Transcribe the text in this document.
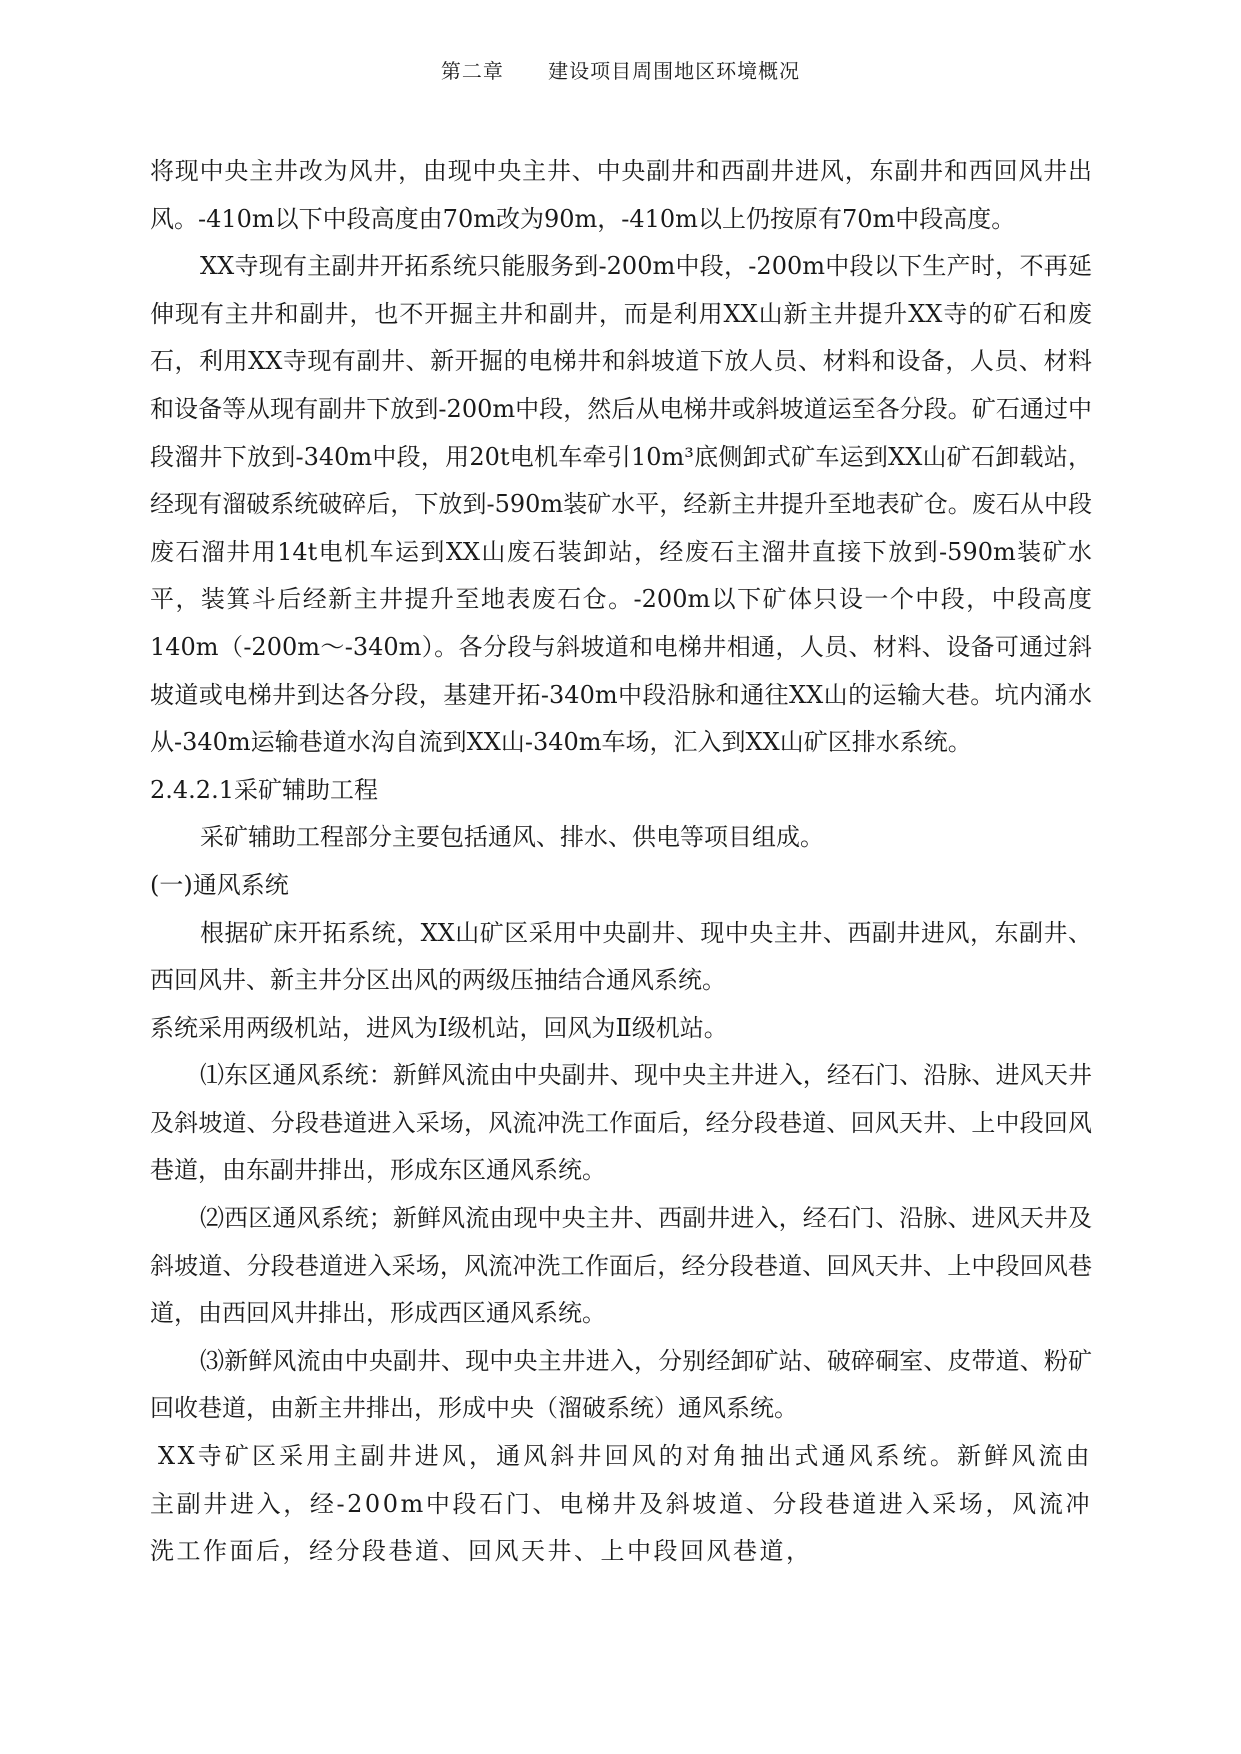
第二章 建设项目周围地区环境概况

将现中央主井改为风井，由现中央主井、中央副井和西副井进风，东副井和西回风井出风。-410m以下中段高度由70m改为90m，-410m以上仍按原有70m中段高度。

XX寺现有主副井开拓系统只能服务到-200m中段，-200m中段以下生产时，不再延伸现有主井和副井，也不开掘主井和副井，而是利用XX山新主井提升XX寺的矿石和废石，利用XX寺现有副井、新开掘的电梯井和斜坡道下放人员、材料和设备，人员、材料和设备等从现有副井下放到-200m中段，然后从电梯井或斜坡道运至各分段。矿石通过中段溜井下放到-340m中段，用20t电机车牵引10m³底侧卸式矿车运到XX山矿石卸载站，经现有溜破系统破碎后，下放到-590m装矿水平，经新主井提升至地表矿仓。废石从中段废石溜井用14t电机车运到XX山废石装卸站，经废石主溜井直接下放到-590m装矿水平，装箕斗后经新主井提升至地表废石仓。-200m以下矿体只设一个中段，中段高度140m（-200m～-340m）。各分段与斜坡道和电梯井相通，人员、材料、设备可通过斜坡道或电梯井到达各分段，基建开拓-340m中段沿脉和通往XX山的运输大巷。坑内涌水从-340m运输巷道水沟自流到XX山-340m车场，汇入到XX山矿区排水系统。

2.4.2.1采矿辅助工程

采矿辅助工程部分主要包括通风、排水、供电等项目组成。

(一)通风系统

根据矿床开拓系统，XX山矿区采用中央副井、现中央主井、西副井进风，东副井、西回风井、新主井分区出风的两级压抽结合通风系统。

系统采用两级机站，进风为Ⅰ级机站，回风为Ⅱ级机站。

⑴东区通风系统：新鲜风流由中央副井、现中央主井进入，经石门、沿脉、进风天井及斜坡道、分段巷道进入采场，风流冲洗工作面后，经分段巷道、回风天井、上中段回风巷道，由东副井排出，形成东区通风系统。

⑵西区通风系统；新鲜风流由现中央主井、西副井进入，经石门、沿脉、进风天井及斜坡道、分段巷道进入采场，风流冲洗工作面后，经分段巷道、回风天井、上中段回风巷道，由西回风井排出，形成西区通风系统。

⑶新鲜风流由中央副井、现中央主井进入，分别经卸矿站、破碎硐室、皮带道、粉矿回收巷道，由新主井排出，形成中央（溜破系统）通风系统。

XX寺矿区采用主副井进风，通风斜井回风的对角抽出式通风系统。新鲜风流由主副井进入，经-200m中段石门、电梯井及斜坡道、分段巷道进入采场，风流冲洗工作面后，经分段巷道、回风天井、上中段回风巷道，
